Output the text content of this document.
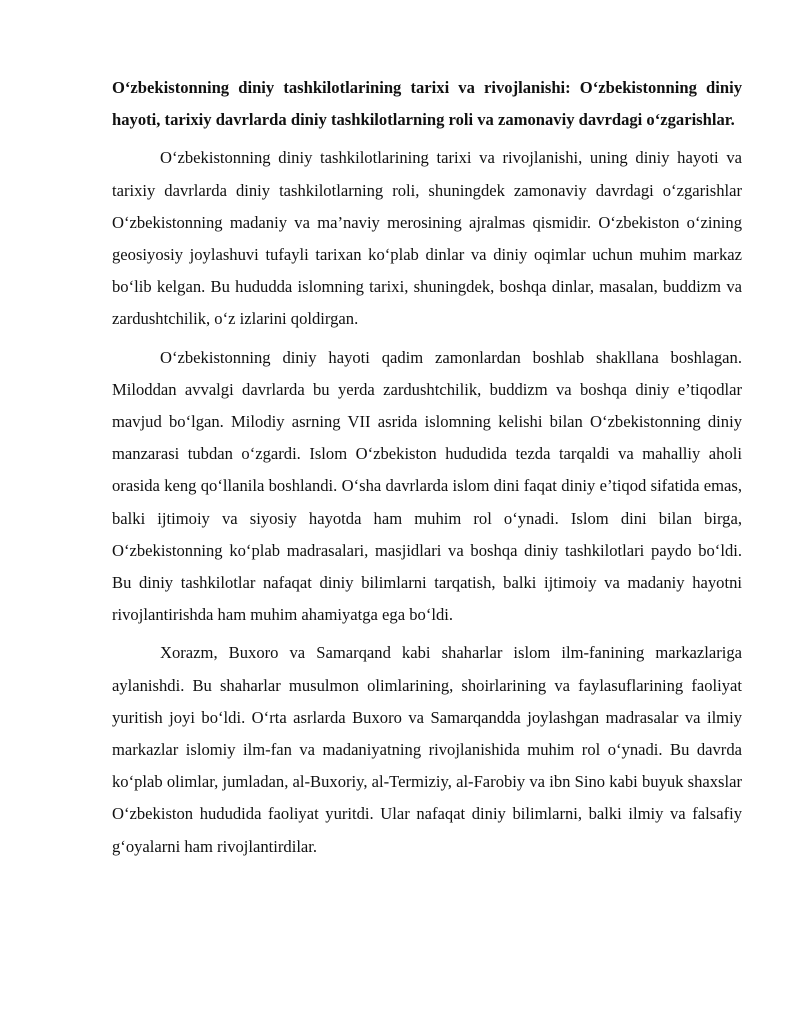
O‘zbekistonning diniy tashkilotlarining tarixi va rivojlanishi: O‘zbekistonning diniy hayoti, tarixiy davrlarda diniy tashkilotlarning roli va zamonaviy davrdagi o‘zgarishlar.

O‘zbekistonning diniy tashkilotlarining tarixi va rivojlanishi, uning diniy hayoti va tarixiy davrlarda diniy tashkilotlarning roli, shuningdek zamonaviy davrdagi o‘zgarishlar O‘zbekistonning madaniy va ma’naviy merosining ajralmas qismidir. O‘zbekiston o‘zining geosiyosiy joylashuvi tufayli tarixan ko‘plab dinlar va diniy oqimlar uchun muhim markaz bo‘lib kelgan. Bu hududda islomning tarixi, shuningdek, boshqa dinlar, masalan, buddizm va zardushtchilik, o‘z izlarini qoldirgan.

O‘zbekistonning diniy hayoti qadim zamonlardan boshlab shakllana boshlagan. Miloddan avvalgi davrlarda bu yerda zardushtchilik, buddizm va boshqa diniy e’tiqodlar mavjud bo‘lgan. Milodiy asrning VII asrida islomning kelishi bilan O‘zbekistonning diniy manzarasi tubdan o‘zgardi. Islom O‘zbekiston hududida tezda tarqaldi va mahalliy aholi orasida keng qo‘llanila boshlandi. O‘sha davrlarda islom dini faqat diniy e’tiqod sifatida emas, balki ijtimoiy va siyosiy hayotda ham muhim rol o‘ynadi. Islom dini bilan birga, O‘zbekistonning ko‘plab madrasalari, masjidlari va boshqa diniy tashkilotlari paydo bo‘ldi. Bu diniy tashkilotlar nafaqat diniy bilimlarni tarqatish, balki ijtimoiy va madaniy hayotni rivojlantirishda ham muhim ahamiyatga ega bo‘ldi.

Xorazm, Buxoro va Samarqand kabi shaharlar islom ilm-fanining markazlariga aylanishdi. Bu shaharlar musulmon olimlarining, shoirlarining va faylasuflarining faoliyat yuritish joyi bo‘ldi. O‘rta asrlarda Buxoro va Samarqandda joylashgan madrasalar va ilmiy markazlar islomiy ilm-fan va madaniyatning rivojlanishida muhim rol o‘ynadi. Bu davrda ko‘plab olimlar, jumladan, al-Buxoriy, al-Termiziy, al-Farobiy va ibn Sino kabi buyuk shaxslar O‘zbekiston hududida faoliyat yuritdi. Ular nafaqat diniy bilimlarni, balki ilmiy va falsafiy g‘oyalarni ham rivojlantirdilar.
